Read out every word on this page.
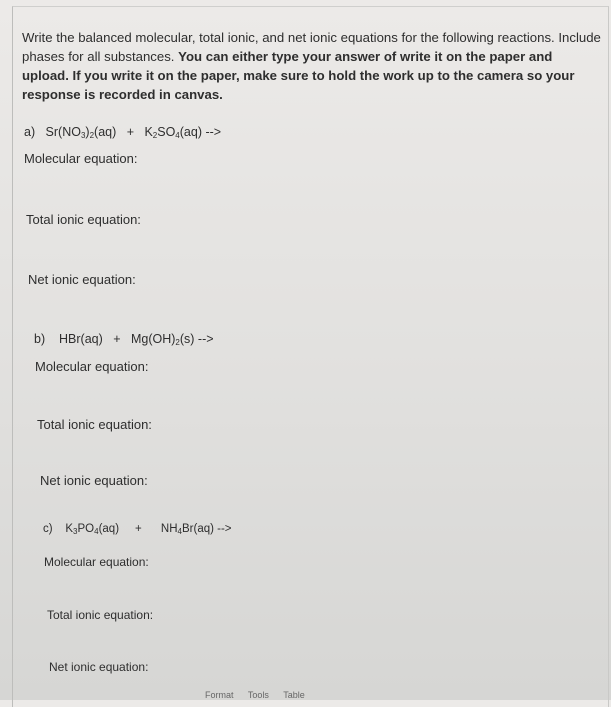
Write the balanced molecular, total ionic, and net ionic equations for the following reactions. Include phases for all substances. You can either type your answer of write it on the paper and upload. If you write it on the paper, make sure to hold the work up to the camera so your response is recorded in canvas.
a) $Sr(NO_3)_2(aq) + K_2SO_4(aq)$ -->
Molecular equation:
Total ionic equation:
Net ionic equation:
b) $HBr(aq) + Mg(OH)_2(s)$ -->
Molecular equation:
Total ionic equation:
Net ionic equation:
c) $K_3PO_4(aq) + NH_4Br(aq)$ -->
Molecular equation:
Total ionic equation:
Net ionic equation:
Format Tools Table
